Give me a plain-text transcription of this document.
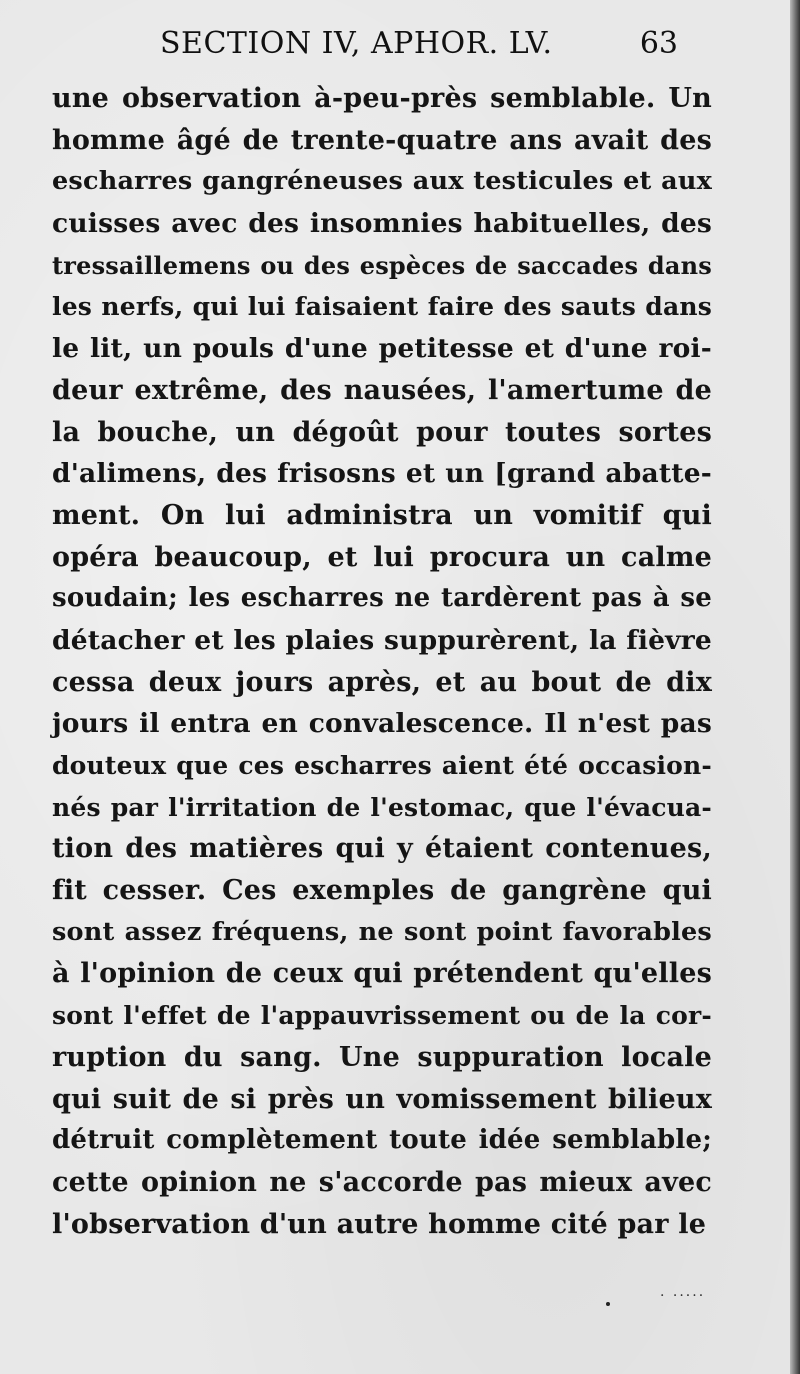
SECTION IV, APHOR. LV.	63
une observation à-peu-près semblable. Un
homme âgé de trente-quatre ans avait des
escharres gangréneuses aux testicules et aux
cuisses avec des insomnies habituelles, des
tressaillemens ou des espèces de saccades dans
les nerfs, qui lui faisaient faire des sauts dans
le lit, un pouls d'une petitesse et d'une roi-
deur extrême, des nausées, l'amertume de
la bouche, un dégoût pour toutes sortes
d'alimens, des frisosns et un [grand abatte-
ment. On lui administra un vomitif qui
opéra beaucoup, et lui procura un calme
soudain; les escharres ne tardèrent pas à se
détacher et les plaies suppurèrent, la fièvre
cessa deux jours après, et au bout de dix
jours il entra en convalescence. Il n'est pas
douteux que ces escharres aient été occasion-
nés par l'irritation de l'estomac, que l'évacua-
tion des matières qui y étaient contenues,
fit cesser. Ces exemples de gangrène qui
sont assez fréquens, ne sont point favorables
à l'opinion de ceux qui prétendent qu'elles
sont l'effet de l'appauvrissement ou de la cor-
ruption du sang. Une suppuration locale
qui suit de si près un vomissement bilieux
détruit complètement toute idée semblable;
cette opinion ne s'accorde pas mieux avec
l'observation d'un autre homme cité par le
· ·····
